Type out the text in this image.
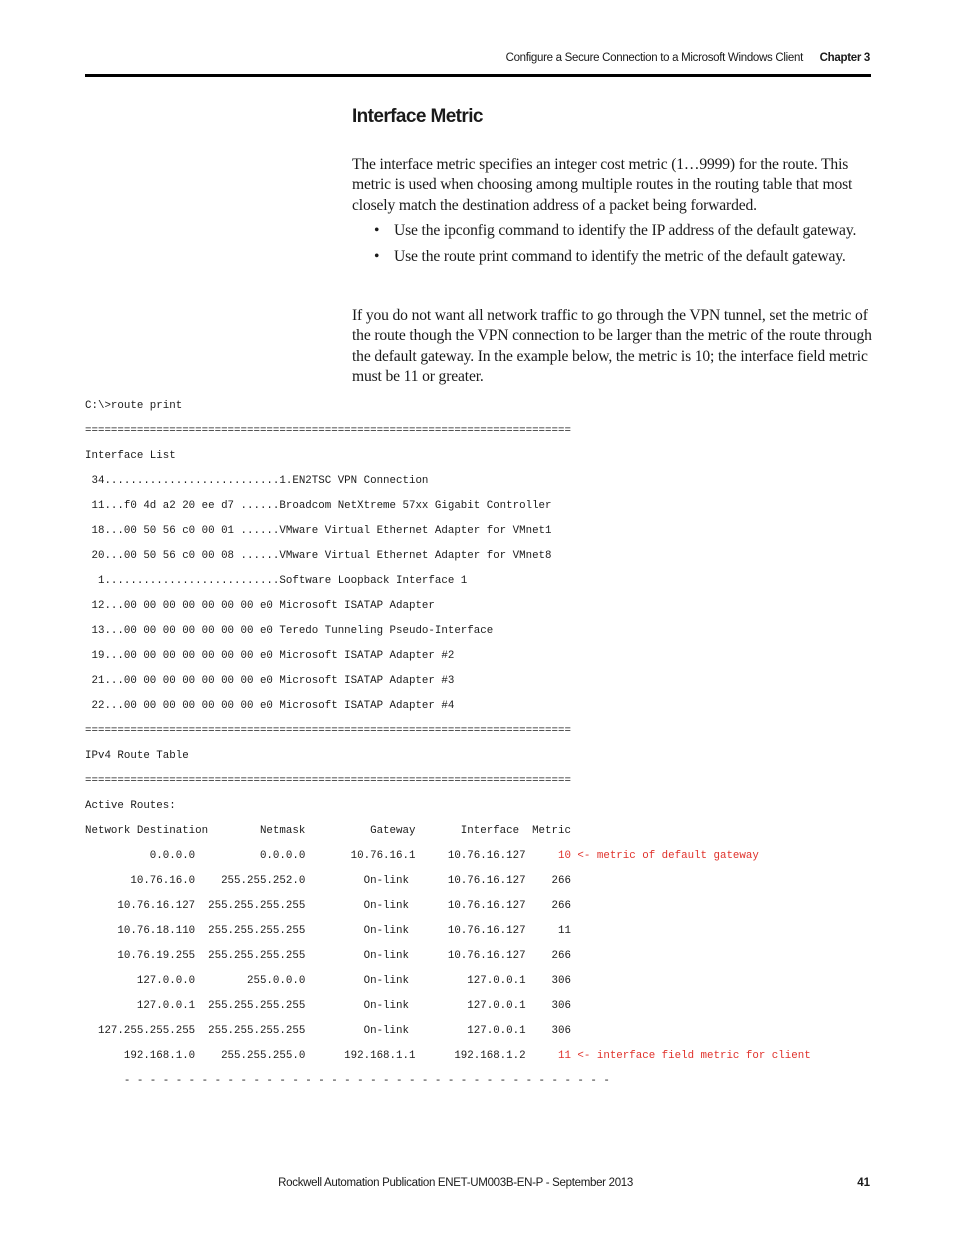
Configure a Secure Connection to a Microsoft Windows Client Chapter 3
Interface Metric
The interface metric specifies an integer cost metric (1…9999) for the route. This metric is used when choosing among multiple routes in the routing table that most closely match the destination address of a packet being forwarded.
• Use the ipconfig command to identify the IP address of the default gateway.
• Use the route print command to identify the metric of the default gateway.
If you do not want all network traffic to go through the VPN tunnel, set the metric of the route though the VPN connection to be larger than the metric of the route through the default gateway. In the example below, the metric is 10; the interface field metric must be 11 or greater.
C:\>route print
===========================================================================
Interface List
34...........................1.EN2TSC VPN Connection
11...f0 4d a2 20 ee d7 ......Broadcom NetXtreme 57xx Gigabit Controller
18...00 50 56 c0 00 01 ......VMware Virtual Ethernet Adapter for VMnet1
20...00 50 56 c0 00 08 ......VMware Virtual Ethernet Adapter for VMnet8
1...........................Software Loopback Interface 1
12...00 00 00 00 00 00 00 e0 Microsoft ISATAP Adapter
13...00 00 00 00 00 00 00 e0 Teredo Tunneling Pseudo-Interface
19...00 00 00 00 00 00 00 e0 Microsoft ISATAP Adapter #2
21...00 00 00 00 00 00 00 e0 Microsoft ISATAP Adapter #3
22...00 00 00 00 00 00 00 e0 Microsoft ISATAP Adapter #4
===========================================================================
IPv4 Route Table
===========================================================================
Active Routes:
Network Destination        Netmask          Gateway       Interface  Metric
0.0.0.0          0.0.0.0       10.76.16.1     10.76.16.127     10 <- metric of default gateway
10.76.16.0    255.255.252.0         On-link      10.76.16.127    266
10.76.16.127  255.255.255.255         On-link      10.76.16.127    266
10.76.18.110  255.255.255.255         On-link      10.76.16.127     11
10.76.19.255  255.255.255.255         On-link      10.76.16.127    266
127.0.0.0        255.0.0.0         On-link         127.0.0.1    306
127.0.0.1  255.255.255.255         On-link         127.0.0.1    306
127.255.255.255  255.255.255.255         On-link         127.0.0.1    306
192.168.1.0    255.255.255.0      192.168.1.1      192.168.1.2     11 <- interface field metric for client
- - - - - - - - - - - - - - - - - - - - - - - - - - - - - - - - - - - - - -
Rockwell Automation Publication ENET-UM003B-EN-P - September 2013	41
